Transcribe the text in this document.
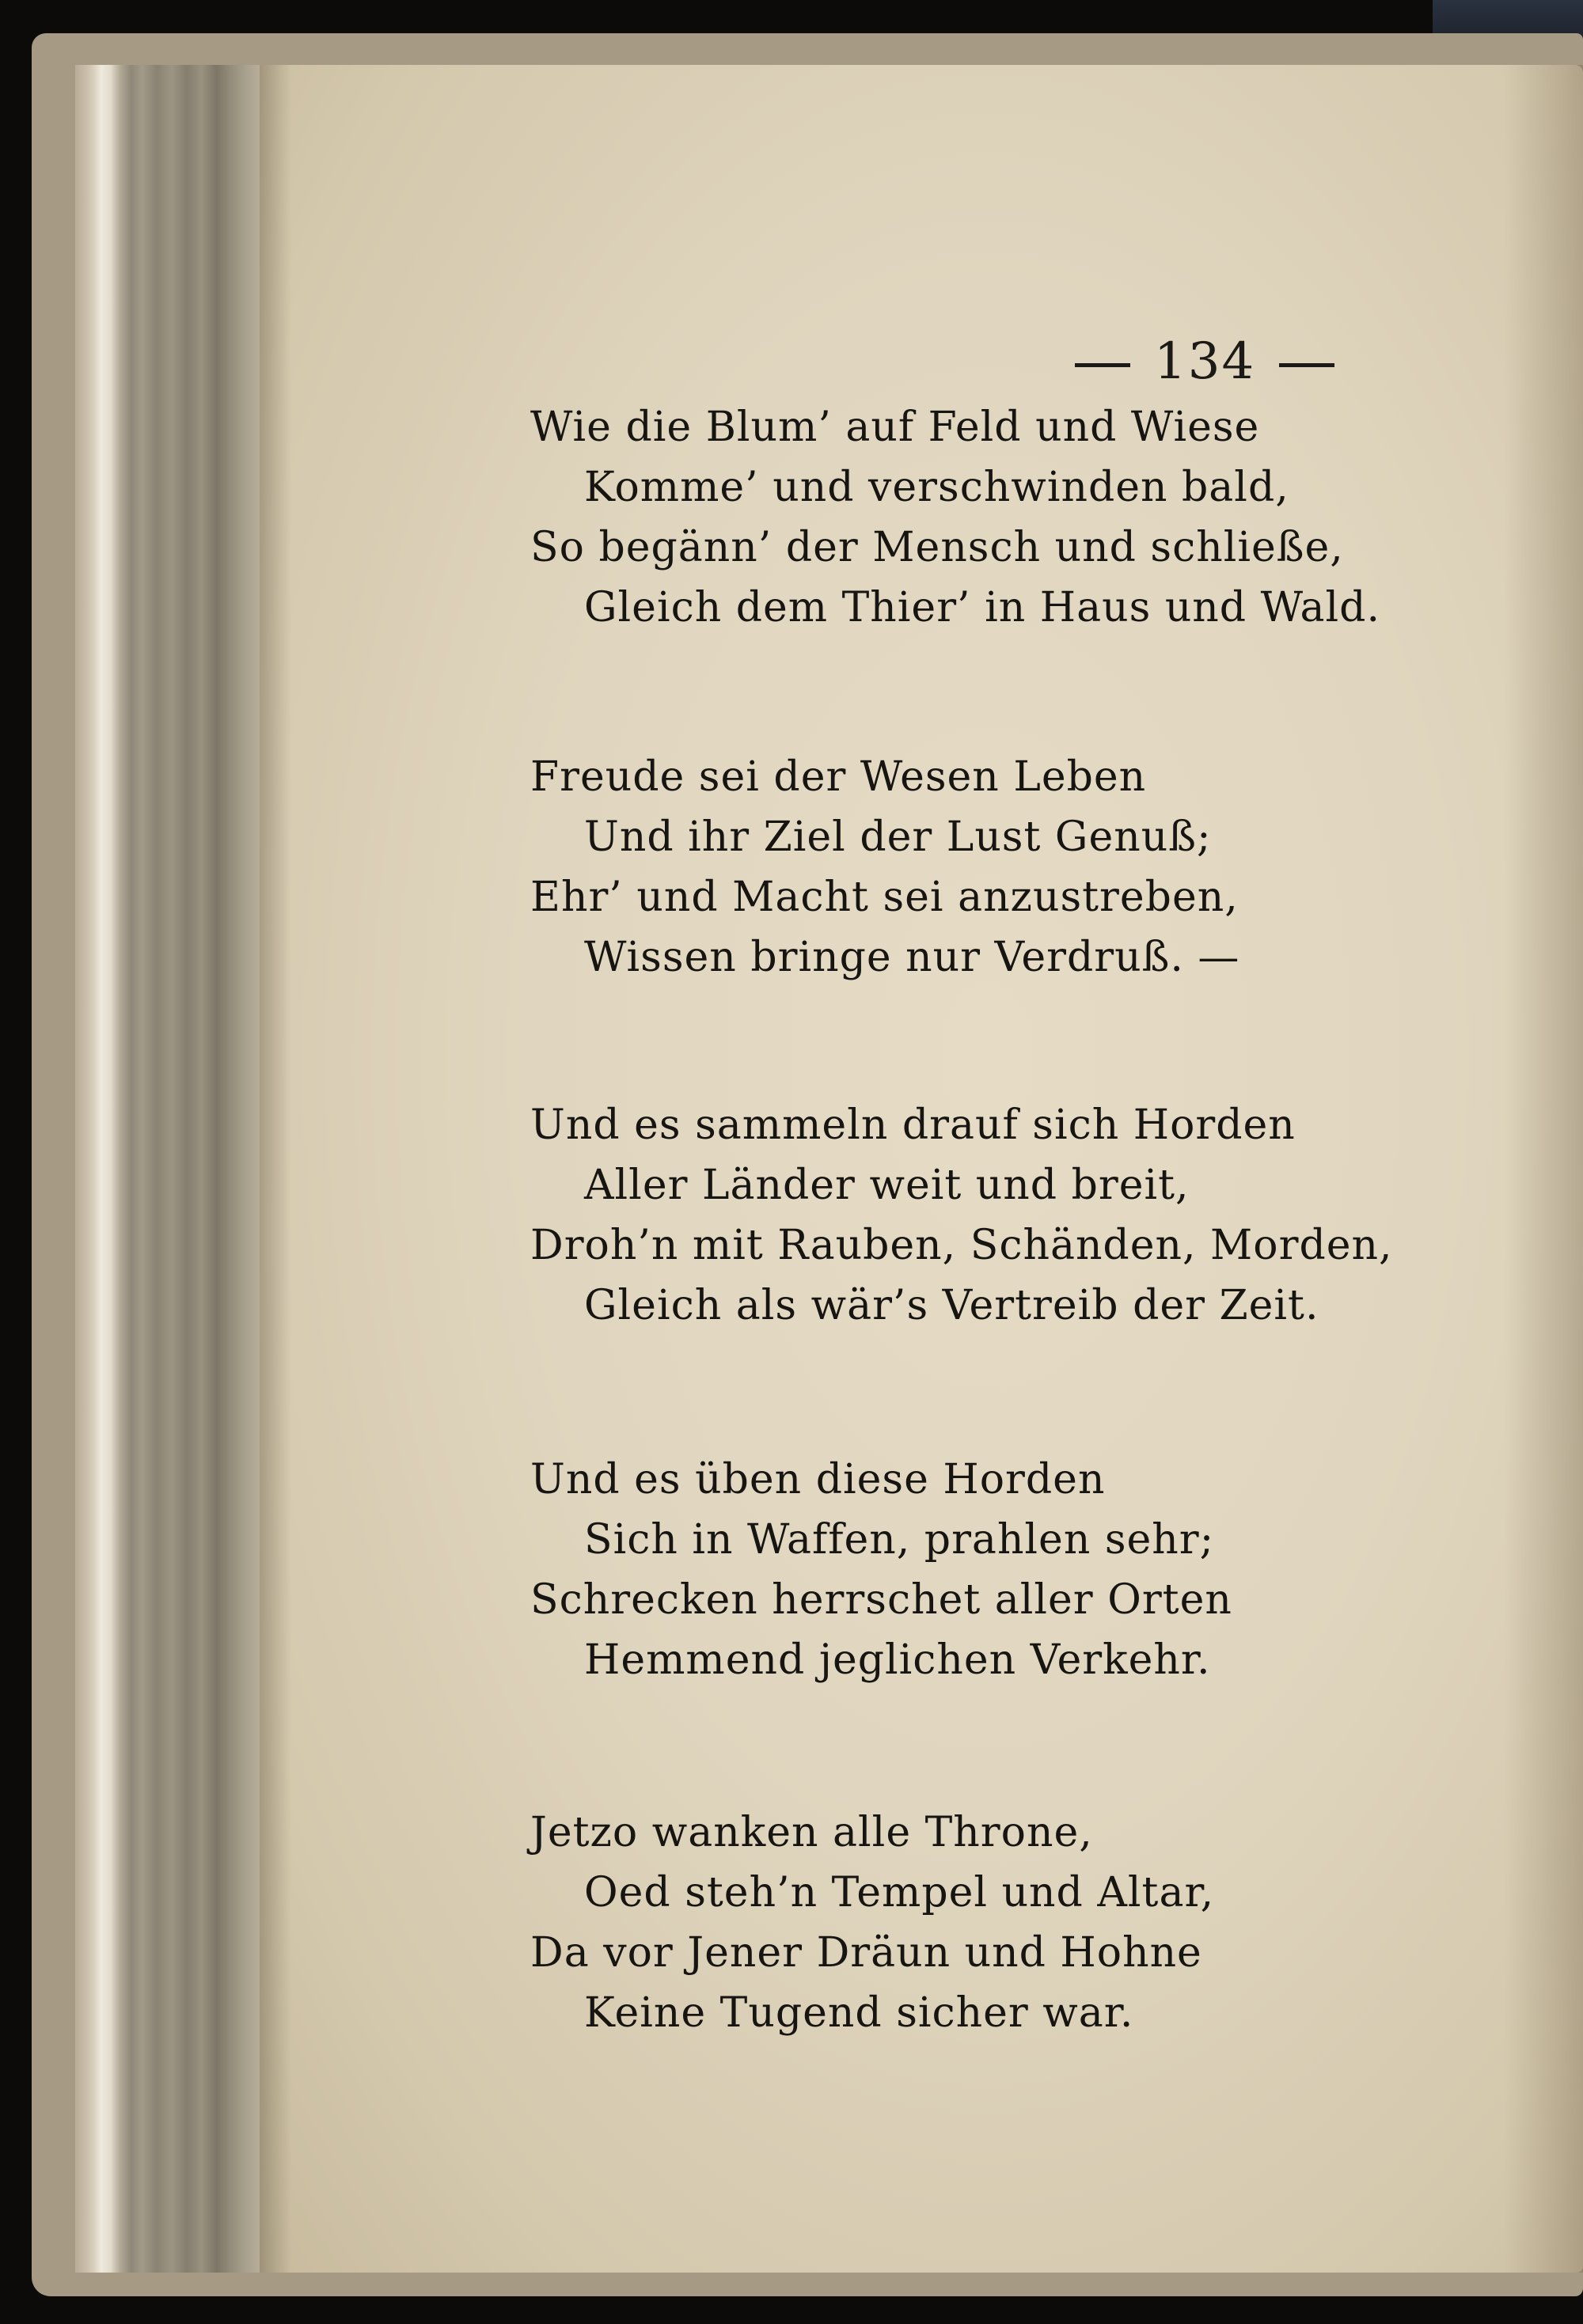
134
Wie die Blum’ auf Feld und Wiese
Komme’ und verschwinden bald,
So begänn’ der Mensch und schließe,
Gleich dem Thier’ in Haus und Wald.
Freude sei der Wesen Leben
Und ihr Ziel der Lust Genuß;
Ehr’ und Macht sei anzustreben,
Wissen bringe nur Verdruß. —
Und es sammeln drauf sich Horden
Aller Länder weit und breit,
Droh’n mit Rauben, Schänden, Morden,
Gleich als wär’s Vertreib der Zeit.
Und es üben diese Horden
Sich in Waffen, prahlen sehr;
Schrecken herrschet aller Orten
Hemmend jeglichen Verkehr.
Jetzo wanken alle Throne,
Oed steh’n Tempel und Altar,
Da vor Jener Dräun und Hohne
Keine Tugend sicher war.
